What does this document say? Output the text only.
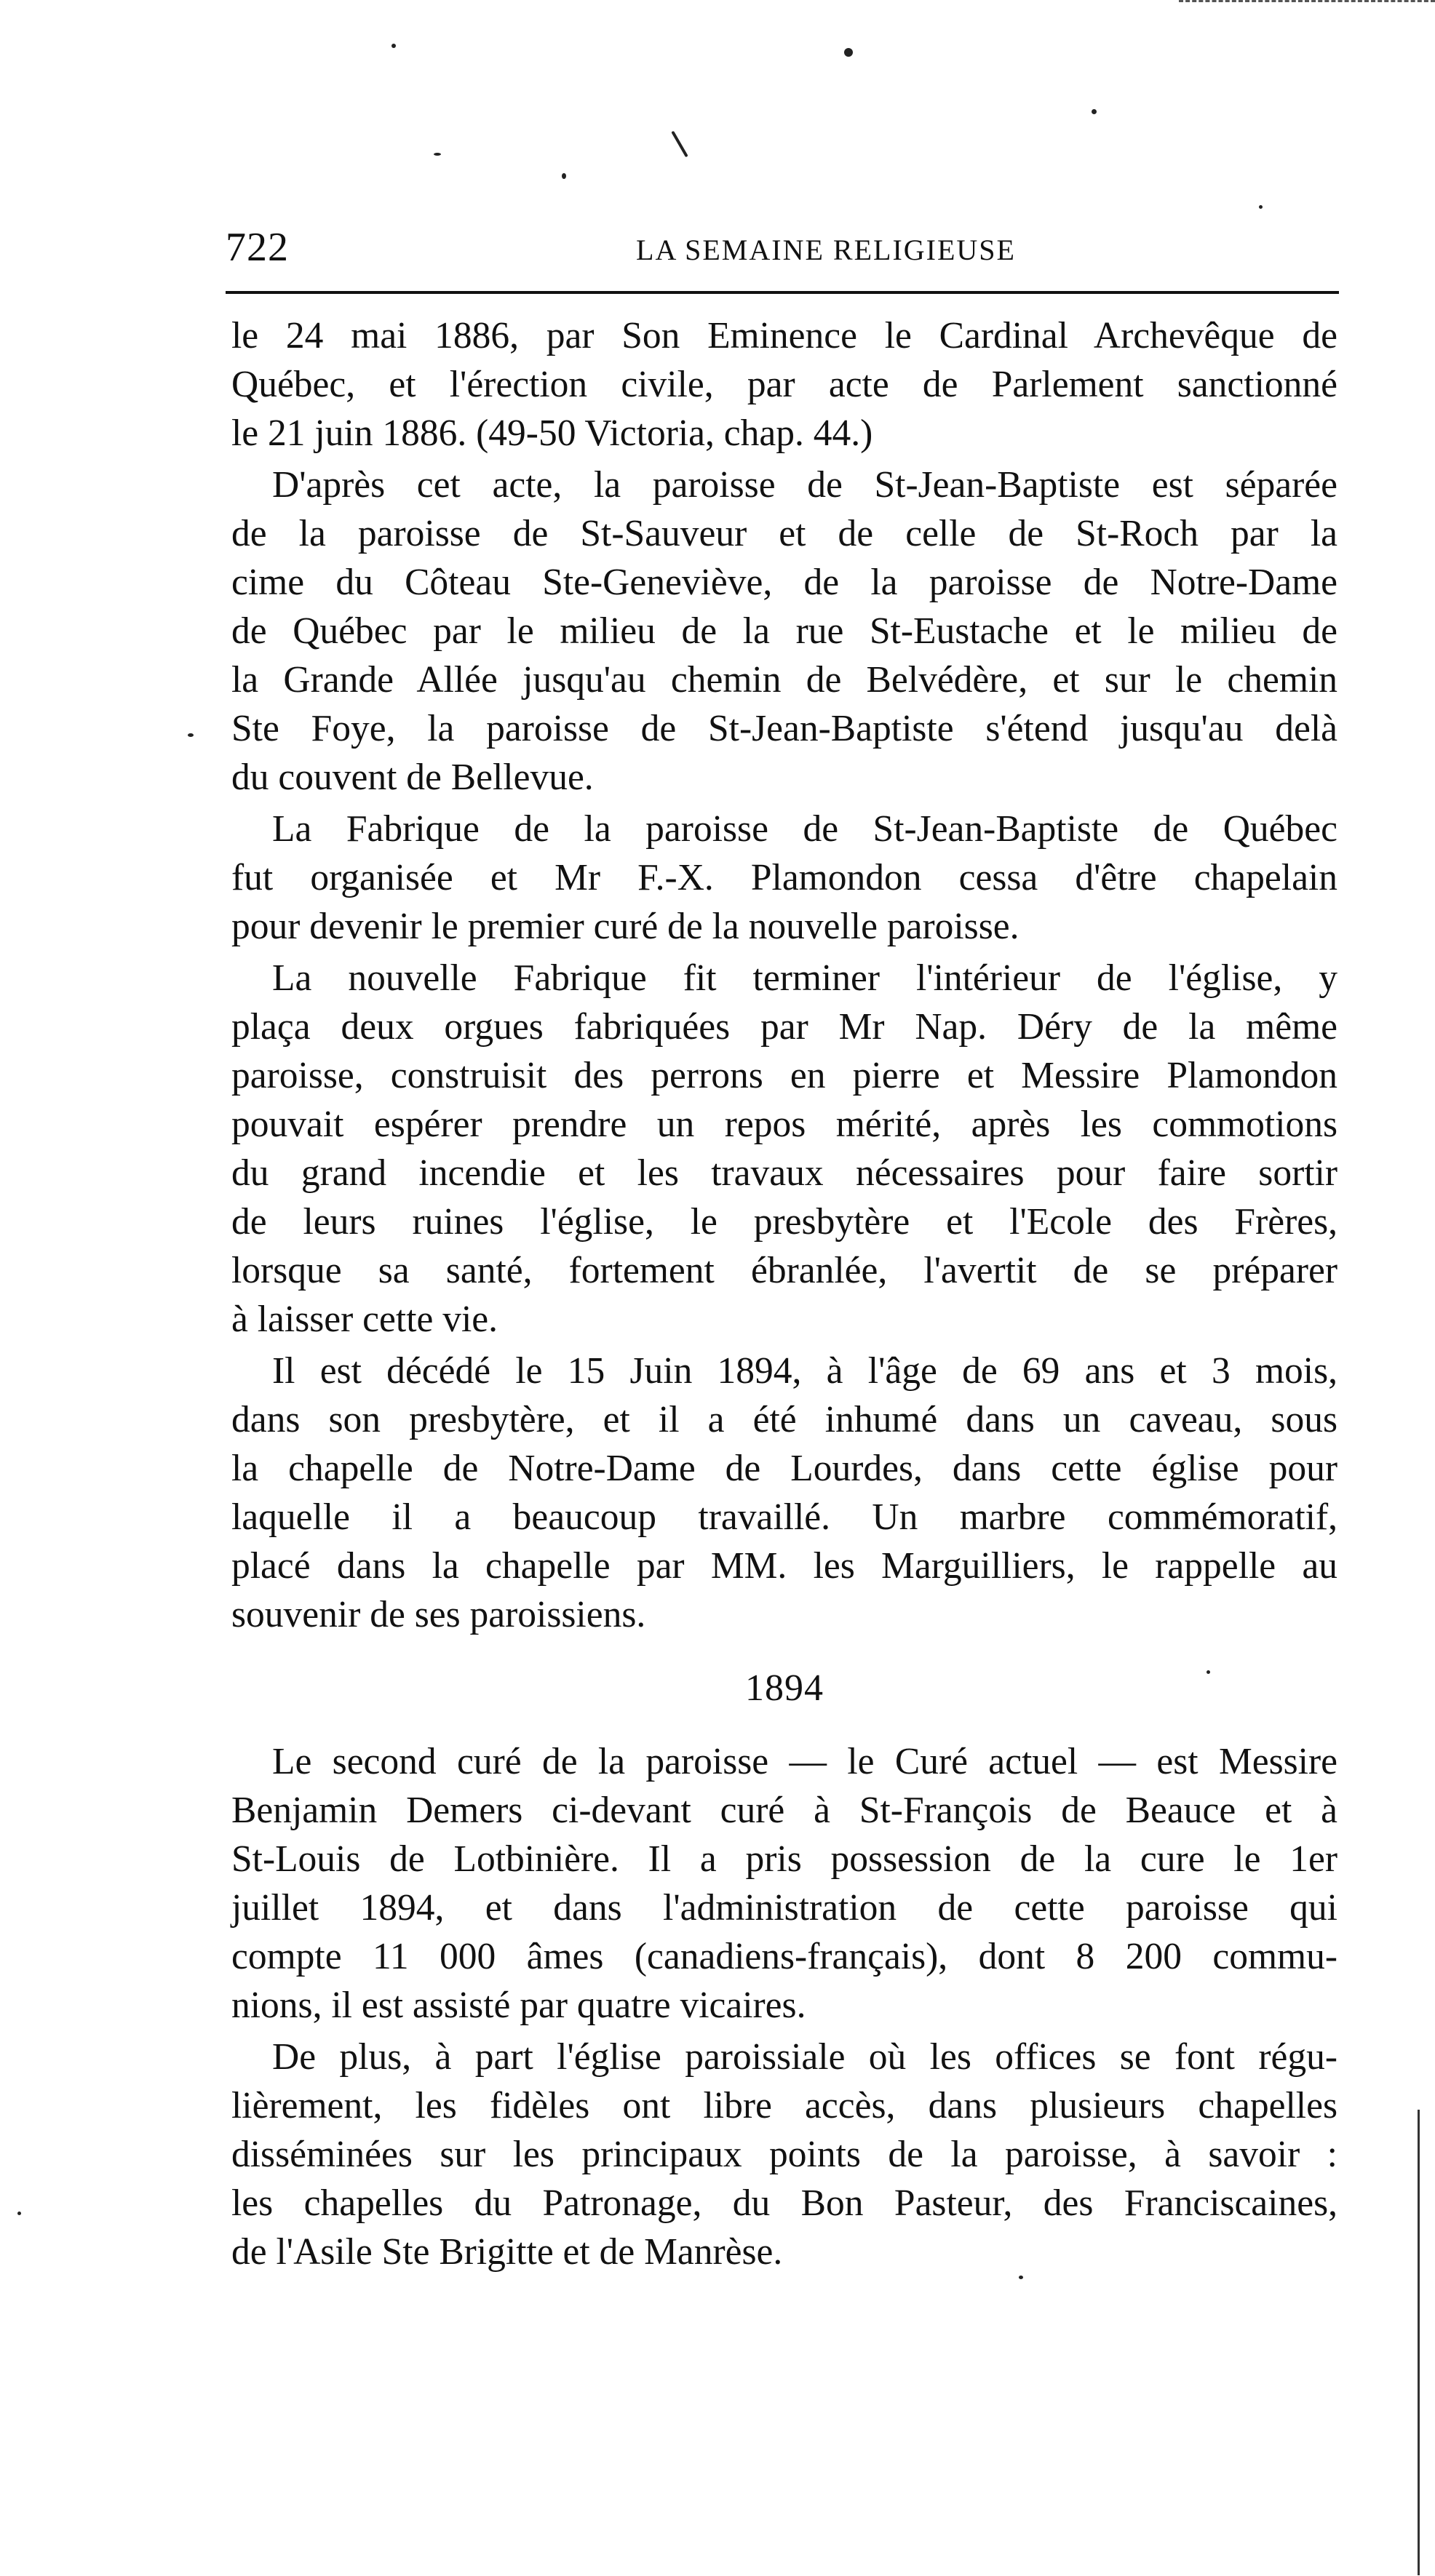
722	LA SEMAINE RELIGIEUSE
le 24 mai 1886, par Son Eminence le Cardinal Archevêque de
Québec, et l'érection civile, par acte de Parlement sanctionné
le 21 juin 1886. (49-50 Victoria, chap. 44.)
D'après cet acte, la paroisse de St-Jean-Baptiste est séparée
de la paroisse de St-Sauveur et de celle de St-Roch par la
cime du Côteau Ste-Geneviève, de la paroisse de Notre-Dame
de Québec par le milieu de la rue St-Eustache et le milieu de
la Grande Allée jusqu'au chemin de Belvédère, et sur le chemin
Ste Foye, la paroisse de St-Jean-Baptiste s'étend jusqu'au delà
du couvent de Bellevue.
La Fabrique de la paroisse de St-Jean-Baptiste de Québec
fut organisée et Mr F.-X. Plamondon cessa d'être chapelain
pour devenir le premier curé de la nouvelle paroisse.
La nouvelle Fabrique fit terminer l'intérieur de l'église, y
plaça deux orgues fabriquées par Mr Nap. Déry de la même
paroisse, construisit des perrons en pierre et Messire Plamondon
pouvait espérer prendre un repos mérité, après les commotions
du grand incendie et les travaux nécessaires pour faire sortir
de leurs ruines l'église, le presbytère et l'Ecole des Frères,
lorsque sa santé, fortement ébranlée, l'avertit de se préparer
à laisser cette vie.
Il est décédé le 15 Juin 1894, à l'âge de 69 ans et 3 mois,
dans son presbytère, et il a été inhumé dans un caveau, sous
la chapelle de Notre-Dame de Lourdes, dans cette église pour
laquelle il a beaucoup travaillé. Un marbre commémoratif,
placé dans la chapelle par MM. les Marguilliers, le rappelle au
souvenir de ses paroissiens.
1894
Le second curé de la paroisse — le Curé actuel — est Messire
Benjamin Demers ci-devant curé à St-François de Beauce et à
St-Louis de Lotbinière. Il a pris possession de la cure le 1er
juillet 1894, et dans l'administration de cette paroisse qui
compte 11 000 âmes (canadiens-français), dont 8 200 commu-
nions, il est assisté par quatre vicaires.
De plus, à part l'église paroissiale où les offices se font régu-
lièrement, les fidèles ont libre accès, dans plusieurs chapelles
disséminées sur les principaux points de la paroisse, à savoir :
les chapelles du Patronage, du Bon Pasteur, des Franciscaines,
de l'Asile Ste Brigitte et de Manrèse.
